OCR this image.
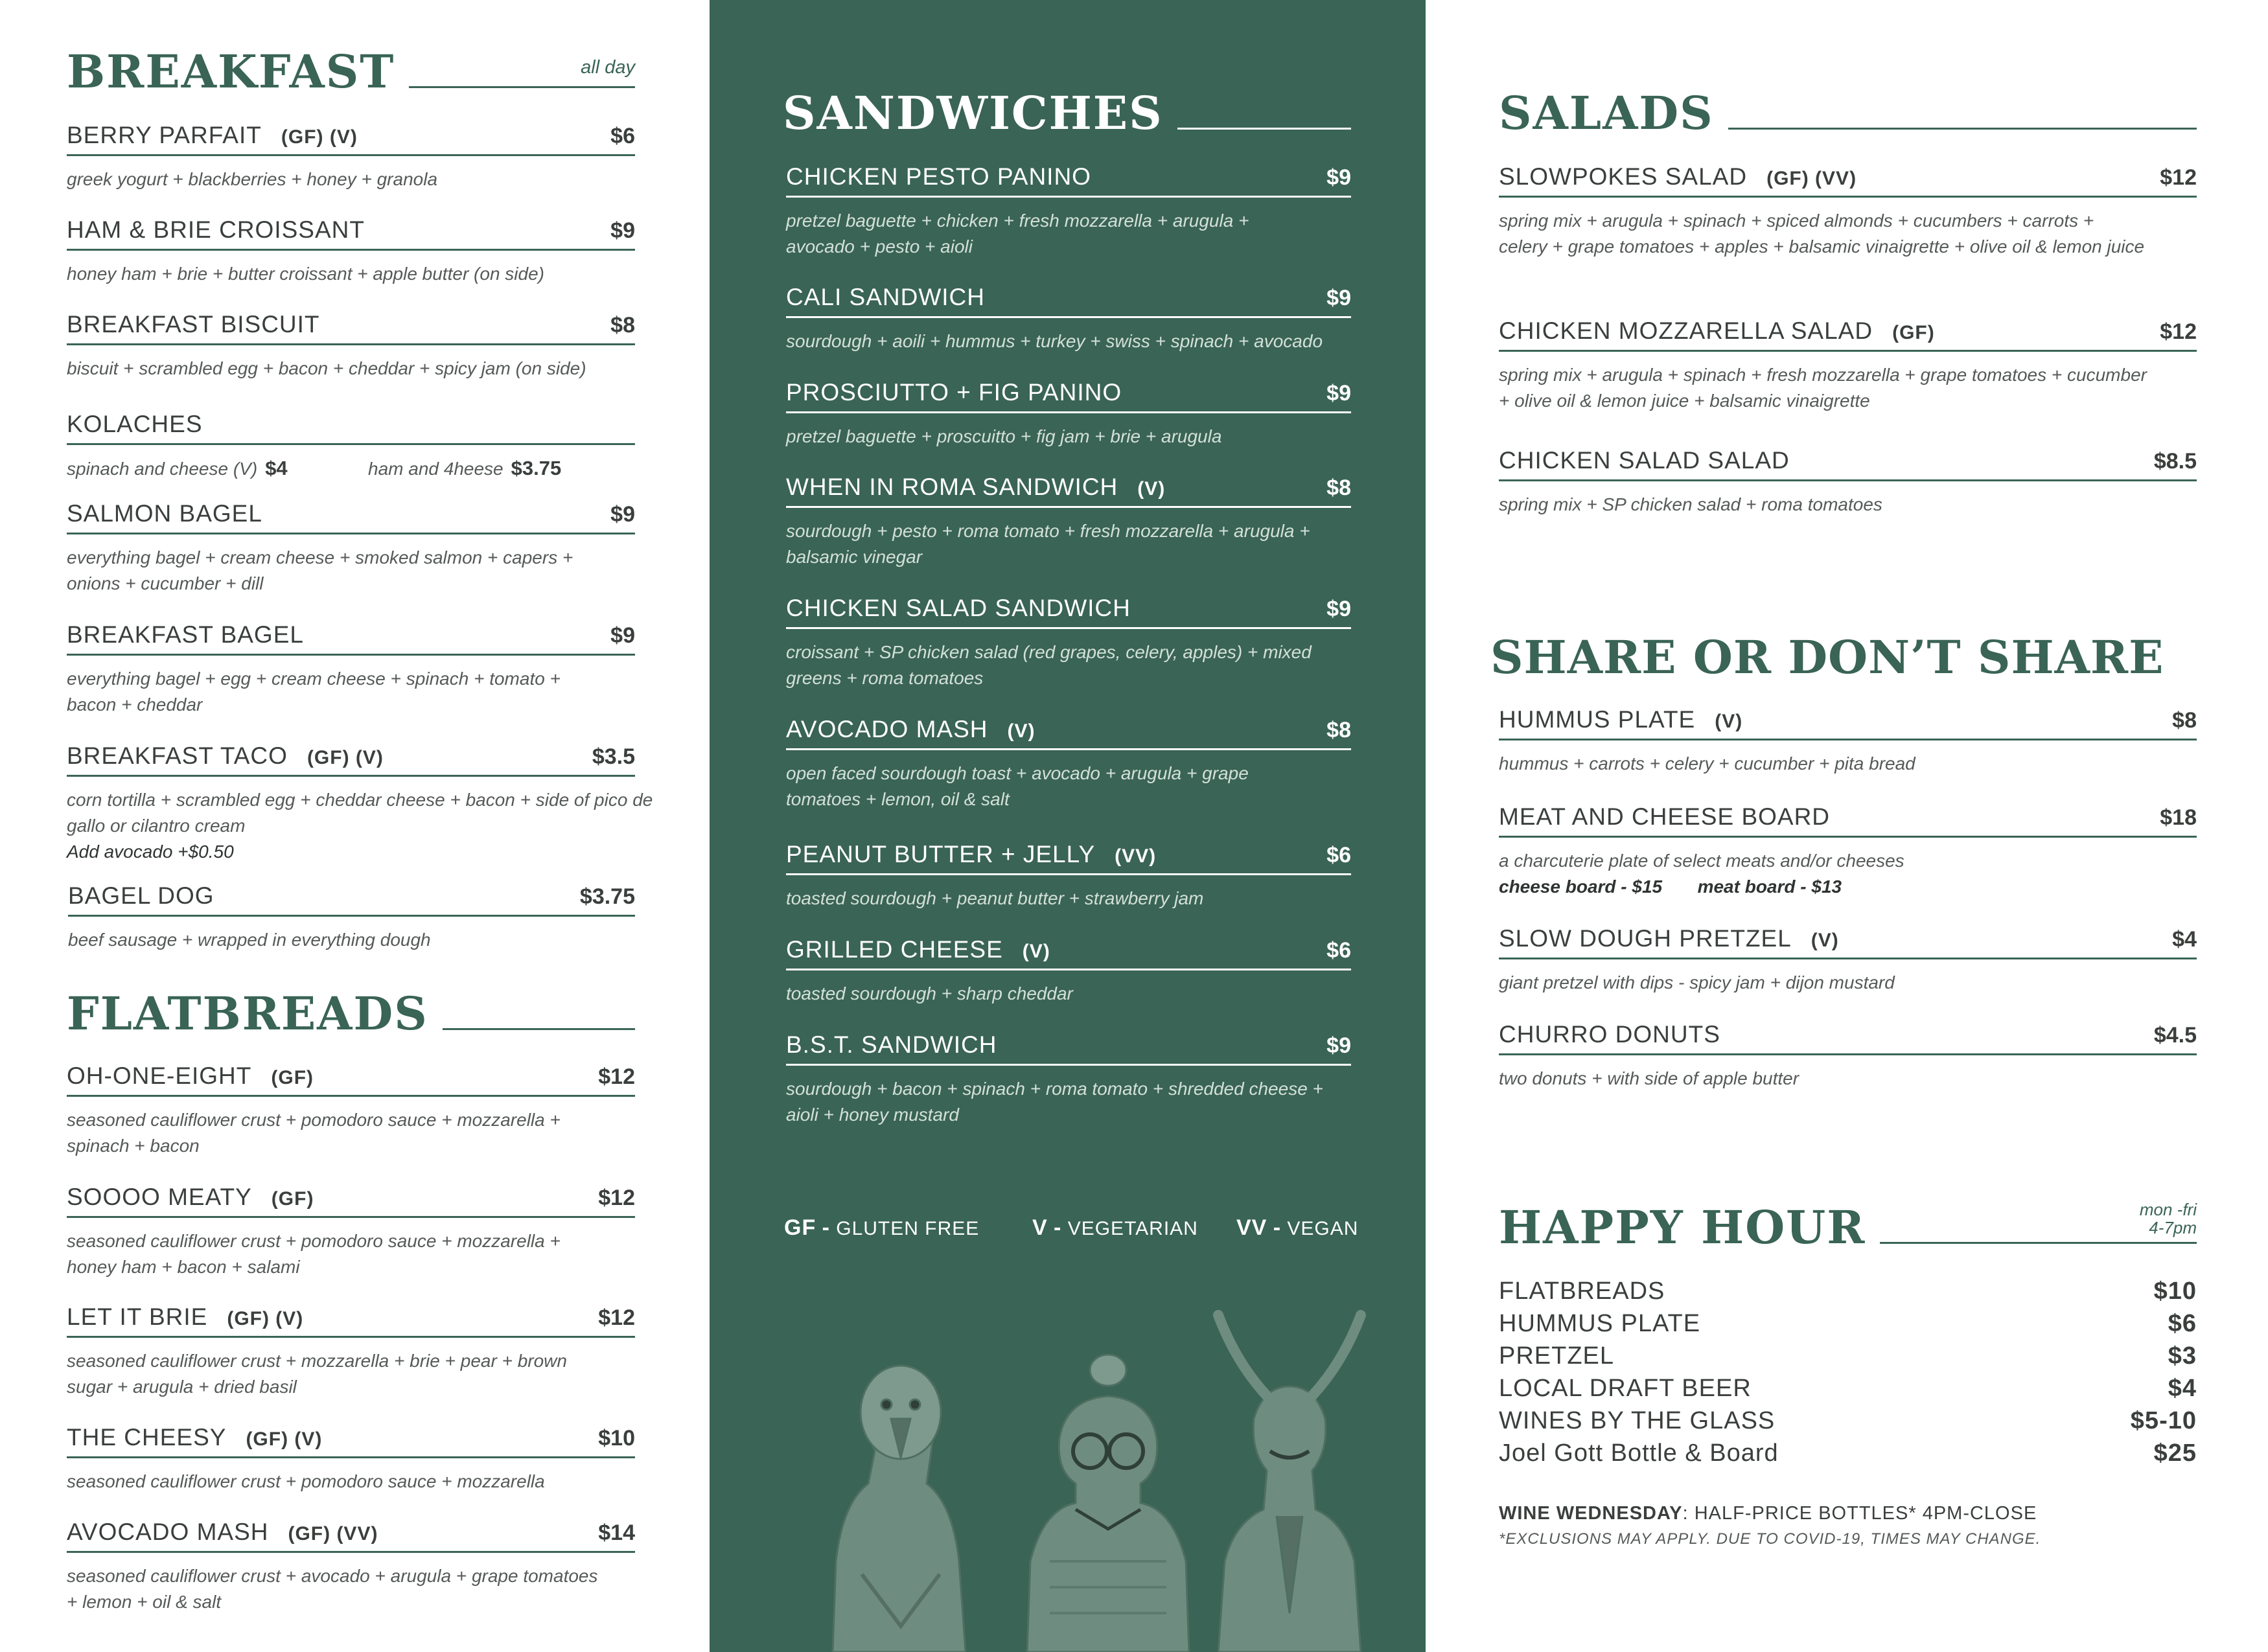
BREAKFAST	all day
BERRY PARFAIT (GF) (V)	$6
greek yogurt + blackberries + honey + granola
HAM & BRIE CROISSANT	$9
honey ham + brie + butter croissant + apple butter (on side)
BREAKFAST BISCUIT	$8
biscuit + scrambled egg + bacon + cheddar + spicy jam (on side)
KOLACHES
spinach and cheese (V) $4	ham and 4heese $3.75
SALMON BAGEL	$9
everything bagel + cream cheese + smoked salmon + capers + onions + cucumber + dill
BREAKFAST BAGEL	$9
everything bagel + egg + cream cheese + spinach + tomato + bacon + cheddar
BREAKFAST TACO (GF) (V)	$3.5
corn tortilla + scrambled egg + cheddar cheese + bacon + side of pico de gallo or cilantro cream
Add avocado +$0.50
BAGEL DOG	$3.75
beef sausage + wrapped in everything dough
FLATBREADS
OH-ONE-EIGHT (GF)	$12
seasoned cauliflower crust + pomodoro sauce + mozzarella + spinach + bacon
SOOOO MEATY (GF)	$12
seasoned cauliflower crust + pomodoro sauce + mozzarella + honey ham + bacon + salami
LET IT BRIE (GF) (V)	$12
seasoned cauliflower crust + mozzarella + brie + pear + brown sugar + arugula + dried basil
THE CHEESY (GF) (V)	$10
seasoned cauliflower crust + pomodoro sauce + mozzarella
AVOCADO MASH (GF) (VV)	$14
seasoned cauliflower crust + avocado + arugula + grape tomatoes + lemon + oil & salt
SANDWICHES
CHICKEN PESTO PANINO	$9
pretzel baguette + chicken + fresh mozzarella + arugula + avocado + pesto + aioli
CALI SANDWICH	$9
sourdough + aoili + hummus + turkey + swiss + spinach + avocado
PROSCIUTTO + FIG PANINO	$9
pretzel baguette + proscuitto + fig jam + brie + arugula
WHEN IN ROMA SANDWICH (V)	$8
sourdough + pesto + roma tomato + fresh mozzarella + arugula + balsamic vinegar
CHICKEN SALAD SANDWICH	$9
croissant + SP chicken salad (red grapes, celery, apples) + mixed greens + roma tomatoes
AVOCADO MASH (V)	$8
open faced sourdough toast + avocado + arugula + grape tomatoes + lemon, oil & salt
PEANUT BUTTER + JELLY (VV)	$6
toasted sourdough + peanut butter + strawberry jam
GRILLED CHEESE (V)	$6
toasted sourdough + sharp cheddar
B.S.T. SANDWICH	$9
sourdough + bacon + spinach + roma tomato + shredded cheese + aioli + honey mustard
GF - GLUTEN FREE	V - VEGETARIAN	VV - VEGAN
SALADS
SLOWPOKES SALAD (GF) (VV)	$12
spring mix + arugula + spinach + spiced almonds + cucumbers + carrots + celery + grape tomatoes + apples + balsamic vinaigrette + olive oil & lemon juice
CHICKEN MOZZARELLA SALAD (GF)	$12
spring mix + arugula + spinach + fresh mozzarella + grape tomatoes + cucumber + olive oil & lemon juice + balsamic vinaigrette
CHICKEN SALAD SALAD	$8.5
spring mix + SP chicken salad + roma tomatoes
SHARE OR DON’T SHARE
HUMMUS PLATE (V)	$8
hummus + carrots + celery + cucumber + pita bread
MEAT AND CHEESE BOARD	$18
a charcuterie plate of select meats and/or cheeses
cheese board - $15       meat board - $13
SLOW DOUGH PRETZEL (V)	$4
giant pretzel with dips - spicy jam + dijon mustard
CHURRO DONUTS	$4.5
two donuts + with side of apple butter
HAPPY HOUR	mon -fri
4-7pm
FLATBREADS	$10
HUMMUS PLATE	$6
PRETZEL	$3
LOCAL DRAFT BEER	$4
WINES BY THE GLASS	$5-10
Joel Gott Bottle & Board	$25
WINE WEDNESDAY: HALF-PRICE BOTTLES* 4PM-CLOSE
*EXCLUSIONS MAY APPLY. DUE TO COVID-19, TIMES MAY CHANGE.
